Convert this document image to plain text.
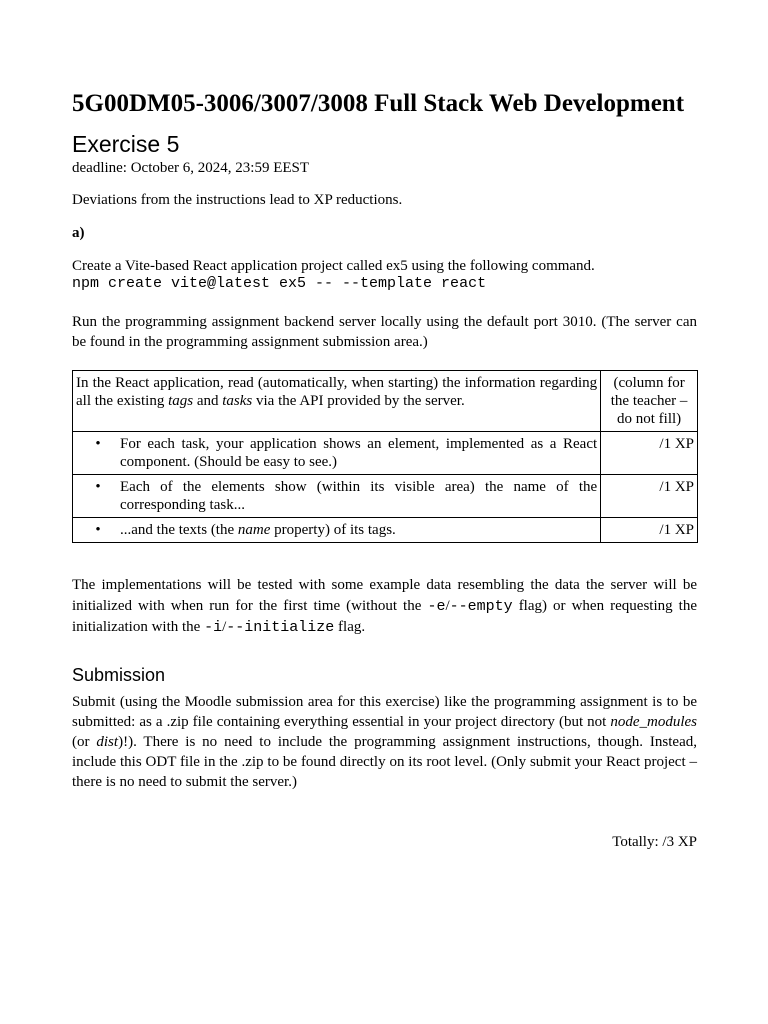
5G00DM05-3006/3007/3008 Full Stack Web Development
Exercise 5

deadline: October 6, 2024, 23:59 EEST

Deviations from the instructions lead to XP reductions.

a)

Create a Vite-based React application project called ex5 using the following command.

npm create vite@latest ex5 -- --template react

Run the programming assignment backend server locally using the default port 3010. (The server can be found in the programming assignment submission area.)

In the React application, read (automatically, when starting) the information regarding all the existing tags and tasks via the API provided by the server.	(column for the teacher – do not fill)

• For each task, your application shows an element, implemented as a React component. (Should be easy to see.)	/1 XP

• Each of the elements show (within its visible area) the name of the corresponding task...	/1 XP

• ...and the texts (the name property) of its tags.	/1 XP

The implementations will be tested with some example data resembling the data the server will be initialized with when run for the first time (without the -e/--empty flag) or when requesting the initialization with the -i/--initialize flag.

Submission

Submit (using the Moodle submission area for this exercise) like the programming assignment is to be submitted: as a .zip file containing everything essential in your project directory (but not node_modules (or dist)!). There is no need to include the programming assignment instructions, though. Instead, include this ODT file in the .zip to be found directly on its root level. (Only submit your React project – there is no need to submit the server.)

Totally: /3 XP
